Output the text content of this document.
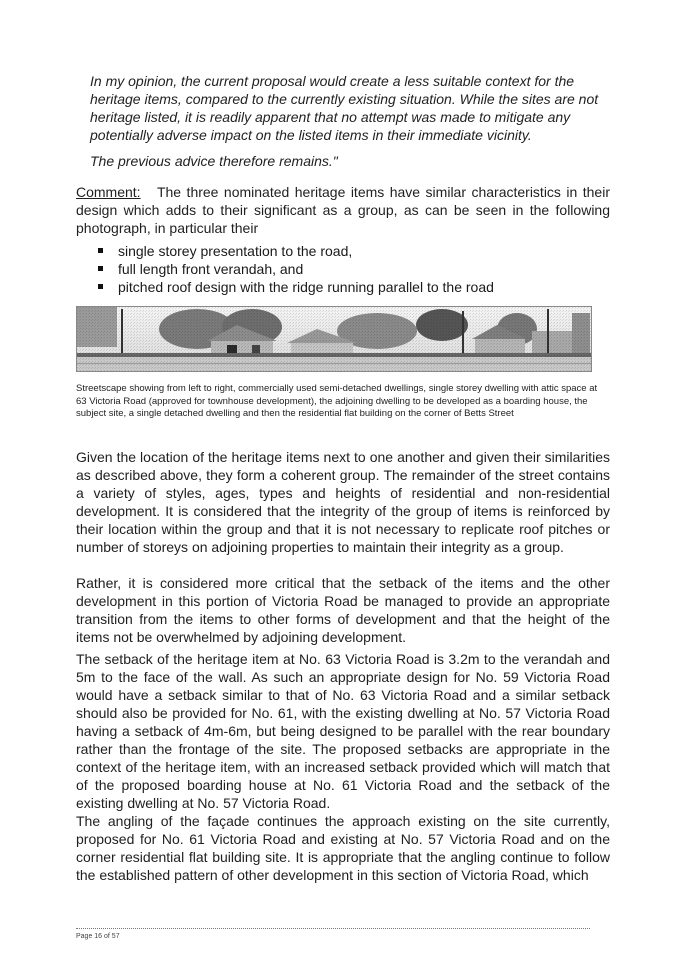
In my opinion, the current proposal would create a less suitable context for the heritage items, compared to the currently existing situation. While the sites are not heritage listed, it is readily apparent that no attempt was made to mitigate any potentially adverse impact on the listed items in their immediate vicinity.

The previous advice therefore remains."

Comment: The three nominated heritage items have similar characteristics in their design which adds to their significant as a group, as can be seen in the following photograph, in particular their

single storey presentation to the road,
full length front verandah, and
pitched roof design with the ridge running parallel to the road

Streetscape showing from left to right, commercially used semi-detached dwellings, single storey dwelling with attic space at 63 Victoria Road (approved for townhouse development), the adjoining dwelling to be developed as a boarding house, the subject site, a single detached dwelling and then the residential flat building on the corner of Betts Street

Given the location of the heritage items next to one another and given their similarities as described above, they form a coherent group. The remainder of the street contains a variety of styles, ages, types and heights of residential and non-residential development. It is considered that the integrity of the group of items is reinforced by their location within the group and that it is not necessary to replicate roof pitches or number of storeys on adjoining properties to maintain their integrity as a group.

Rather, it is considered more critical that the setback of the items and the other development in this portion of Victoria Road be managed to provide an appropriate transition from the items to other forms of development and that the height of the items not be overwhelmed by adjoining development.

The setback of the heritage item at No. 63 Victoria Road is 3.2m to the verandah and 5m to the face of the wall. As such an appropriate design for No. 59 Victoria Road would have a setback similar to that of No. 63 Victoria Road and a similar setback should also be provided for No. 61, with the existing dwelling at No. 57 Victoria Road having a setback of 4m-6m, but being designed to be parallel with the rear boundary rather than the frontage of the site. The proposed setbacks are appropriate in the context of the heritage item, with an increased setback provided which will match that of the proposed boarding house at No. 61 Victoria Road and the setback of the existing dwelling at No. 57 Victoria Road.

The angling of the façade continues the approach existing on the site currently, proposed for No. 61 Victoria Road and existing at No. 57 Victoria Road and on the corner residential flat building site. It is appropriate that the angling continue to follow the established pattern of other development in this section of Victoria Road, which

Page 16 of 57
